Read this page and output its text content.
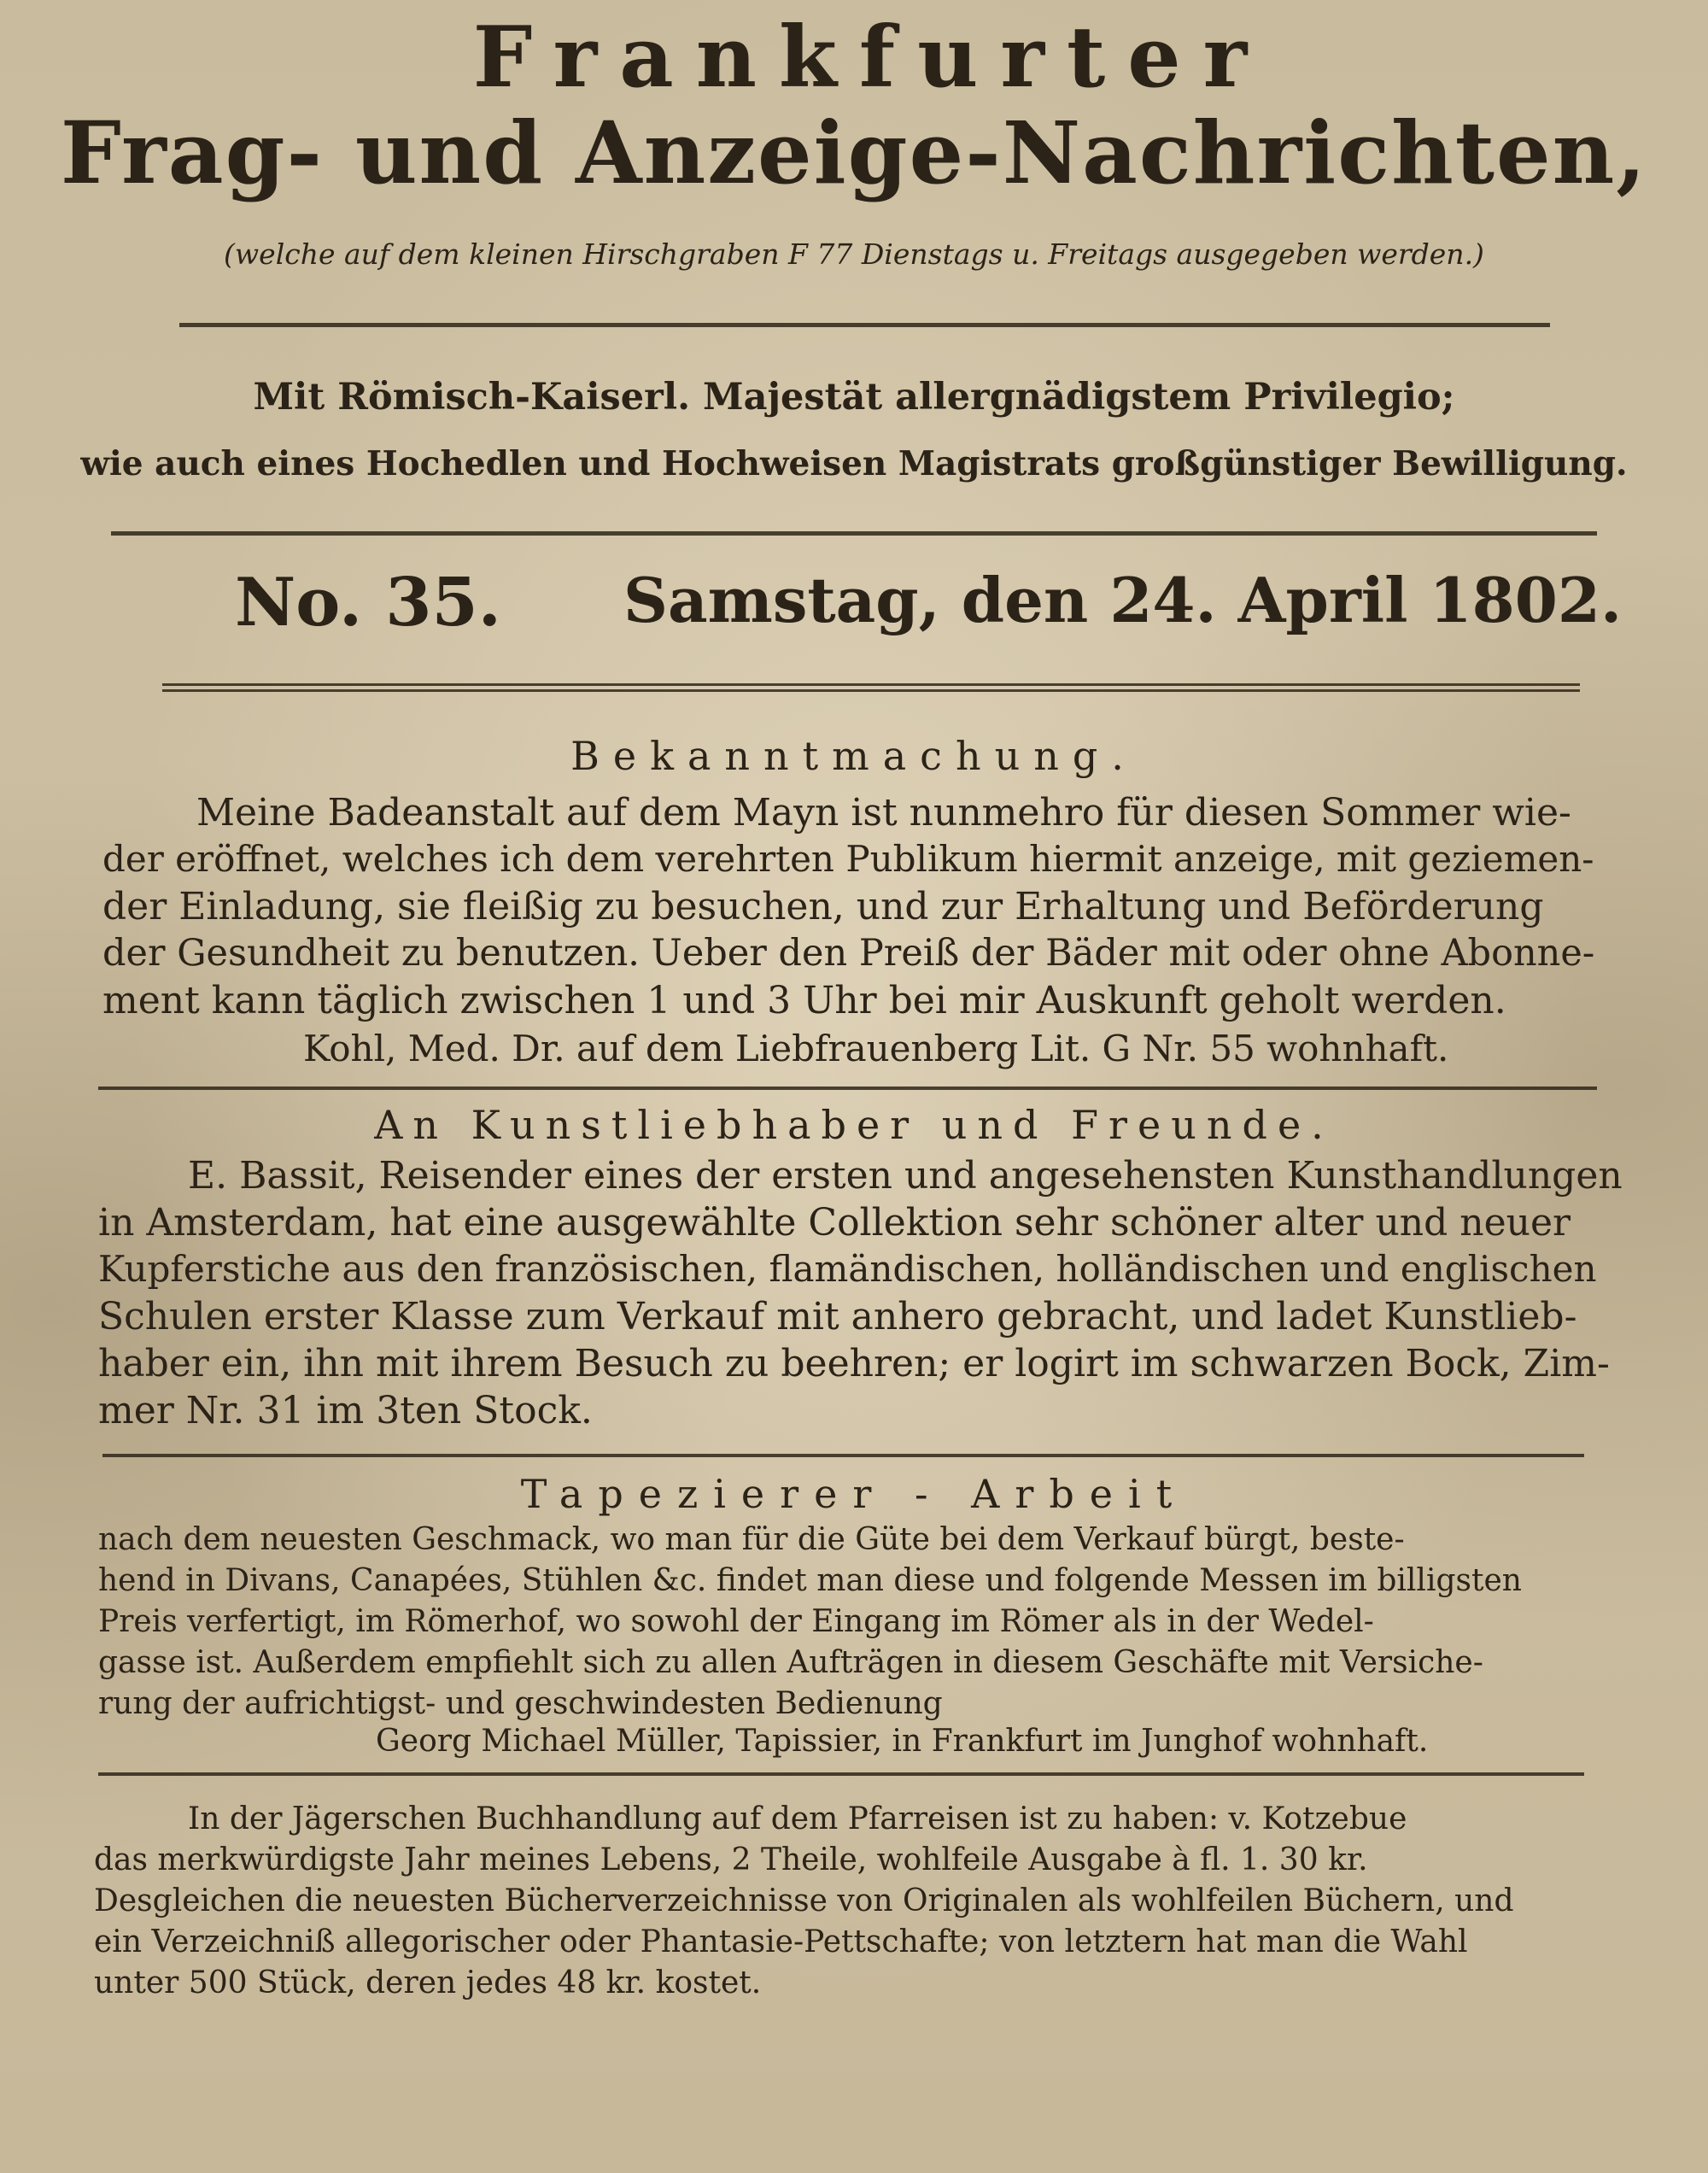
Frankfurter
Frag- und Anzeige-Nachrichten,
(welche auf dem kleinen Hirschgraben F 77 Dienstags u. Freitags ausgegeben werden.)
Mit Römisch-Kaiserl. Majestät allergnädigstem Privilegio;
wie auch eines Hochedlen und Hochweisen Magistrats großgünstiger Bewilligung.
No. 35. Samstag, den 24. April 1802.
Bekanntmachung.
Meine Badeanstalt auf dem Mayn ist nunmehro für diesen Sommer wie-
der eröffnet, welches ich dem verehrten Publikum hiermit anzeige, mit geziemen-
der Einladung, sie fleißig zu besuchen, und zur Erhaltung und Beförderung
der Gesundheit zu benutzen. Ueber den Preiß der Bäder mit oder ohne Abonne-
ment kann täglich zwischen 1 und 3 Uhr bei mir Auskunft geholt werden.
Kohl, Med. Dr. auf dem Liebfrauenberg Lit. G Nr. 55 wohnhaft.
An Kunstliebhaber und Freunde.
E. Bassit, Reisender eines der ersten und angesehensten Kunsthandlungen
in Amsterdam, hat eine ausgewählte Collektion sehr schöner alter und neuer
Kupferstiche aus den französischen, flamändischen, holländischen und englischen
Schulen erster Klasse zum Verkauf mit anhero gebracht, und ladet Kunstlieb-
haber ein, ihn mit ihrem Besuch zu beehren; er logirt im schwarzen Bock, Zim-
mer Nr. 31 im 3ten Stock.
Tapezierer - Arbeit
nach dem neuesten Geschmack, wo man für die Güte bei dem Verkauf bürgt, beste-
hend in Divans, Canapées, Stühlen &c. findet man diese und folgende Messen im billigsten
Preis verfertigt, im Römerhof, wo sowohl der Eingang im Römer als in der Wedel-
gasse ist. Außerdem empfiehlt sich zu allen Aufträgen in diesem Geschäfte mit Versiche-
rung der aufrichtigst- und geschwindesten Bedienung
Georg Michael Müller, Tapissier, in Frankfurt im Junghof wohnhaft.
In der Jägerschen Buchhandlung auf dem Pfarreisen ist zu haben: v. Kotzebue
das merkwürdigste Jahr meines Lebens, 2 Theile, wohlfeile Ausgabe à fl. 1. 30 kr.
Desgleichen die neuesten Bücherverzeichnisse von Originalen als wohlfeilen Büchern, und
ein Verzeichniß allegorischer oder Phantasie-Pettschafte; von letztern hat man die Wahl
unter 500 Stück, deren jedes 48 kr. kostet.
